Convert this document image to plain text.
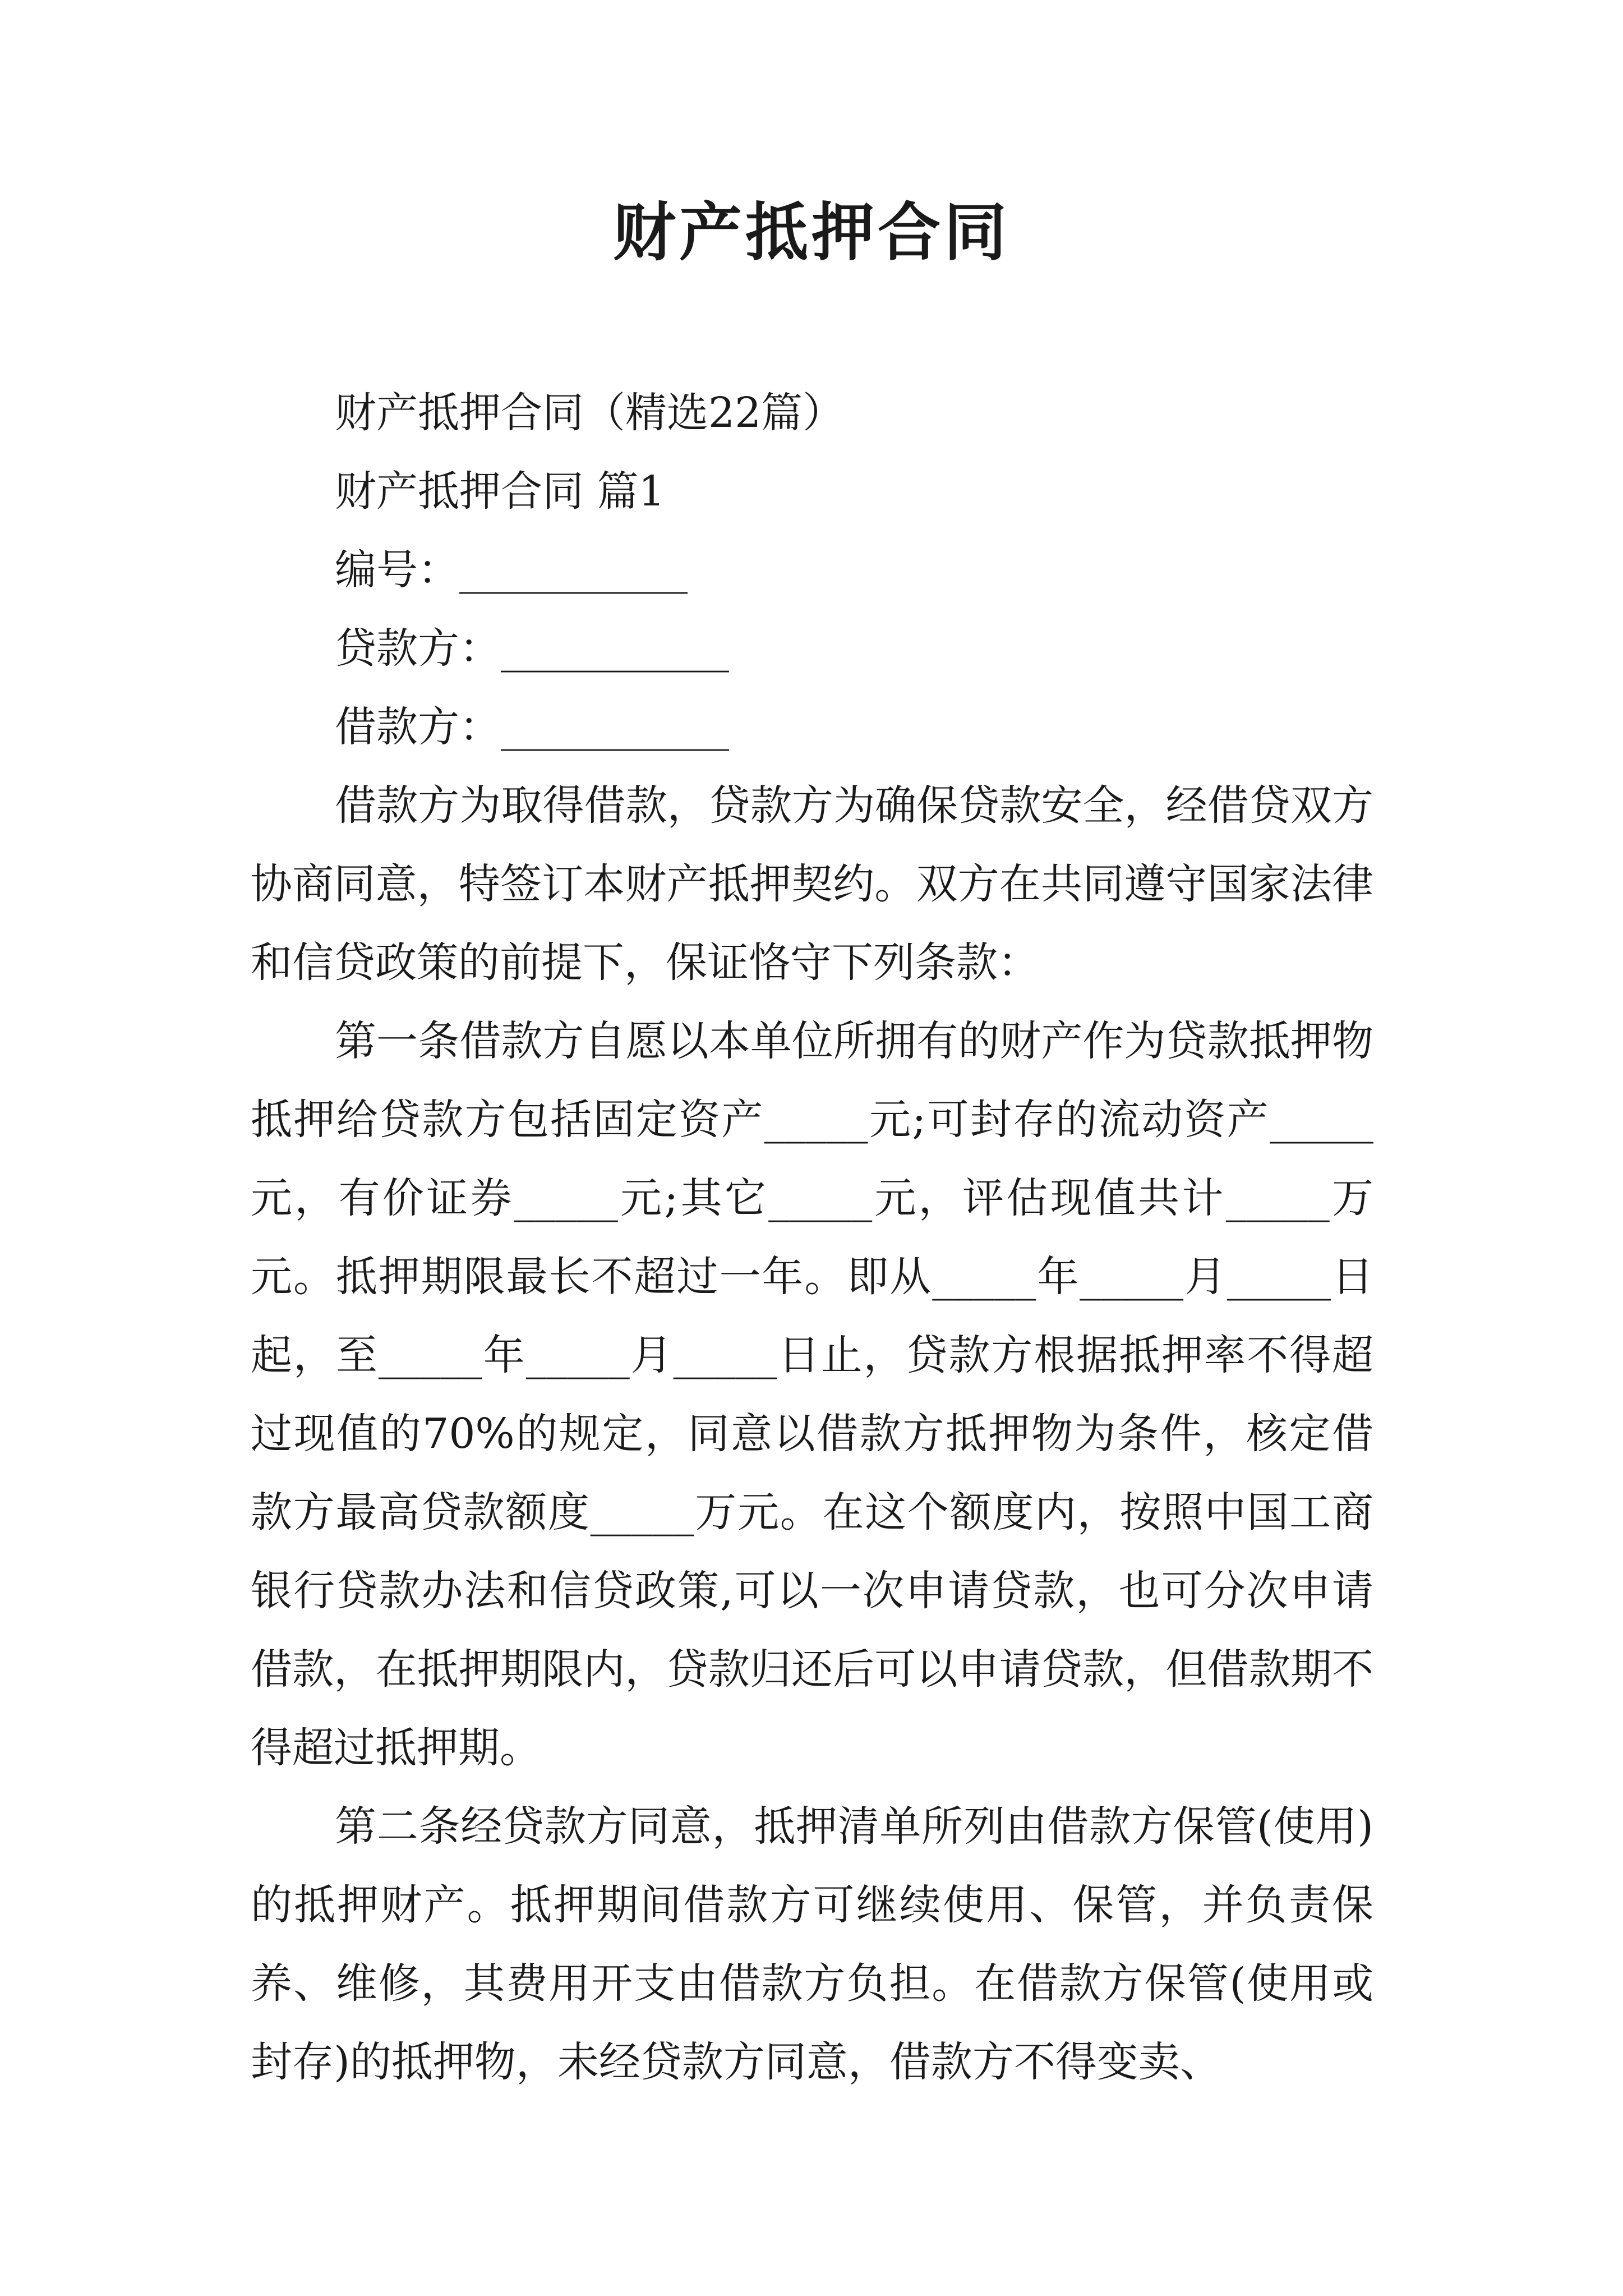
财产抵押合同
财产抵押合同（精选22篇）
财产抵押合同 篇1
编号：___________
贷款方：___________
借款方：___________

借款方为取得借款，贷款方为确保贷款安全，经借贷双方协商同意，特签订本财产抵押契约。双方在共同遵守国家法律和信贷政策的前提下，保证恪守下列条款：

第一条借款方自愿以本单位所拥有的财产作为贷款抵押物抵押给贷款方包括固定资产_____元;可封存的流动资产_____元，有价证券_____元;其它_____元，评估现值共计_____万元。抵押期限最长不超过一年。即从_____年_____月_____日起，至_____年_____月_____日止，贷款方根据抵押率不得超过现值的70%的规定，同意以借款方抵押物为条件，核定借款方最高贷款额度_____万元。在这个额度内，按照中国工商银行贷款办法和信贷政策,可以一次申请贷款，也可分次申请借款，在抵押期限内，贷款归还后可以申请贷款，但借款期不得超过抵押期。

第二条经贷款方同意，抵押清单所列由借款方保管(使用)的抵押财产。抵押期间借款方可继续使用、保管，并负责保养、维修，其费用开支由借款方负担。在借款方保管(使用或封存)的抵押物，未经贷款方同意，借款方不得变卖、
